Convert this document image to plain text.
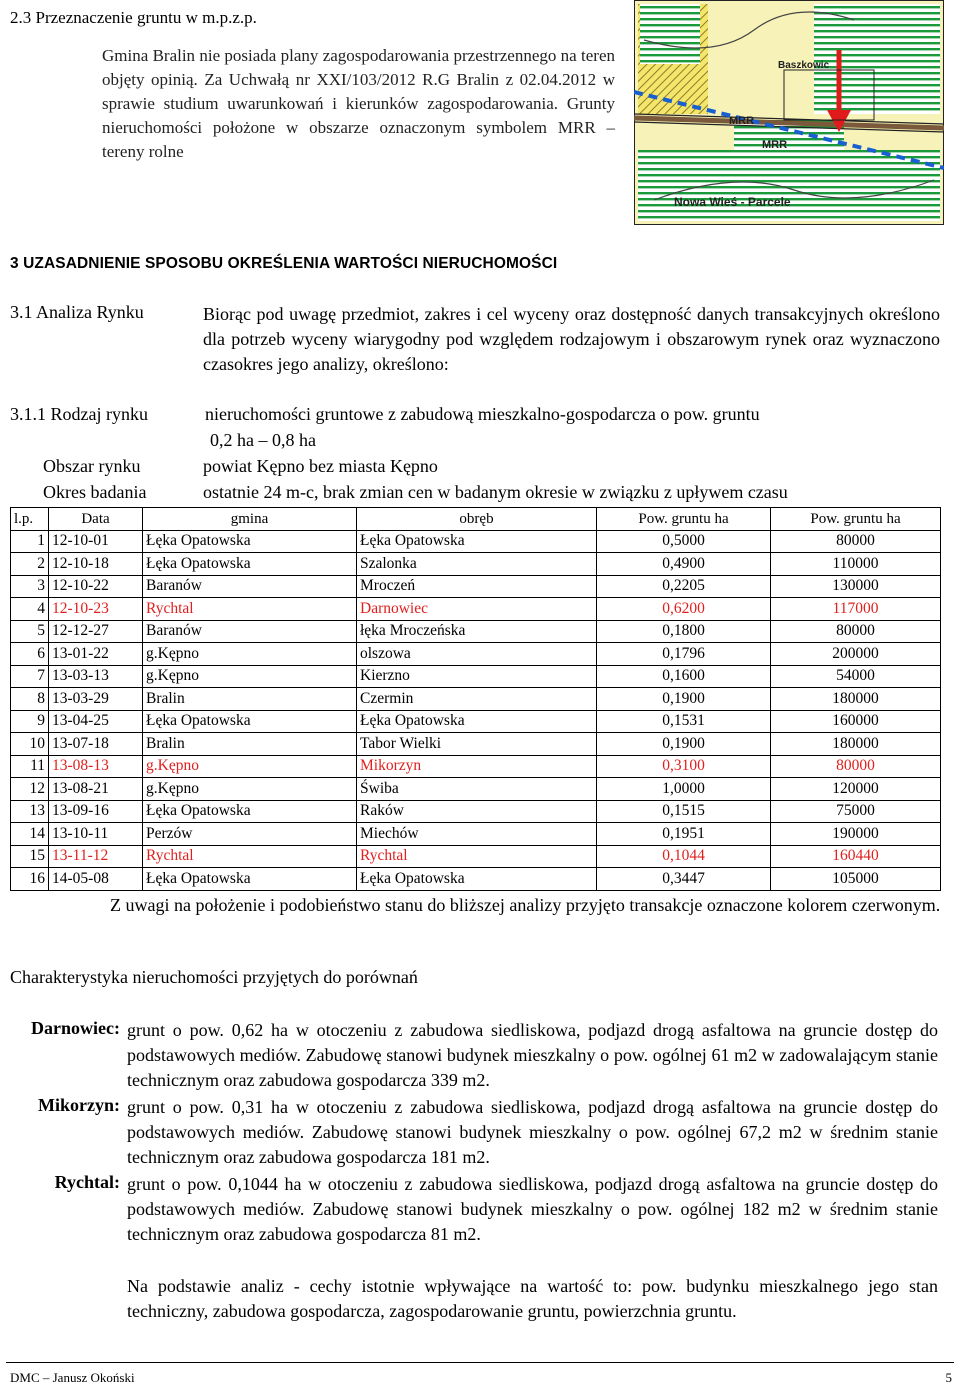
2.3 Przeznaczenie gruntu w m.p.z.p.
Gmina Bralin nie posiada plany zagospodarowania przestrzennego na teren objęty opinią. Za Uchwałą nr XXI/103/2012 R.G Bralin z 02.04.2012 w sprawie studium uwarunkowań i kierunków zagospodarowania. Grunty nieruchomości położone w obszarze oznaczonym symbolem MRR – tereny rolne
Baszkowic
MRR
MRR
Nowa Wieś - Parcele
3 UZASADNIENIE SPOSOBU OKREŚLENIA WARTOŚCI NIERUCHOMOŚCI
3.1 Analiza Rynku	Biorąc pod uwagę przedmiot, zakres i cel wyceny oraz dostępność danych transakcyjnych określono dla potrzeb wyceny wiarygodny pod względem rodzajowym i obszarowym rynek oraz wyznaczono czasokres jego analizy, określono:
3.1.1 Rodzaj rynku	nieruchomości gruntowe z zabudową mieszkalno-gospodarcza o pow. gruntu
0,2 ha – 0,8 ha
Obszar rynku	powiat Kępno bez miasta Kępno
Okres badania	ostatnie 24 m-c, brak zmian cen w badanym okresie w związku z upływem czasu
l.p.	Data	gmina	obręb	Pow. gruntu ha	Pow. gruntu ha
1	12-10-01	Łęka Opatowska	Łęka Opatowska	0,5000	80000
2	12-10-18	Łęka Opatowska	Szalonka	0,4900	110000
3	12-10-22	Baranów	Mroczeń	0,2205	130000
4	12-10-23	Rychtal	Darnowiec	0,6200	117000
5	12-12-27	Baranów	łęka Mroczeńska	0,1800	80000
6	13-01-22	g.Kępno	olszowa	0,1796	200000
7	13-03-13	g.Kępno	Kierzno	0,1600	54000
8	13-03-29	Bralin	Czermin	0,1900	180000
9	13-04-25	Łęka Opatowska	Łęka Opatowska	0,1531	160000
10	13-07-18	Bralin	Tabor Wielki	0,1900	180000
11	13-08-13	g.Kępno	Mikorzyn	0,3100	80000
12	13-08-21	g.Kępno	Świba	1,0000	120000
13	13-09-16	Łęka Opatowska	Raków	0,1515	75000
14	13-10-11	Perzów	Miechów	0,1951	190000
15	13-11-12	Rychtal	Rychtal	0,1044	160440
16	14-05-08	Łęka Opatowska	Łęka Opatowska	0,3447	105000
Z uwagi na położenie i podobieństwo stanu do bliższej analizy przyjęto transakcje oznaczone kolorem czerwonym.
Charakterystyka nieruchomości przyjętych do porównań
Darnowiec: grunt o pow. 0,62 ha w otoczeniu z zabudowa siedliskowa, podjazd drogą asfaltowa na gruncie dostęp do podstawowych mediów. Zabudowę stanowi budynek mieszkalny o pow. ogólnej 61 m2 w zadowalającym stanie technicznym oraz zabudowa gospodarcza 339 m2.
Mikorzyn: grunt o pow. 0,31 ha w otoczeniu z zabudowa siedliskowa, podjazd drogą asfaltowa na gruncie dostęp do podstawowych mediów. Zabudowę stanowi budynek mieszkalny o pow. ogólnej 67,2 m2 w średnim stanie technicznym oraz zabudowa gospodarcza 181 m2.
Rychtal: grunt o pow. 0,1044 ha w otoczeniu z zabudowa siedliskowa, podjazd drogą asfaltowa na gruncie dostęp do podstawowych mediów. Zabudowę stanowi budynek mieszkalny o pow. ogólnej 182 m2 w średnim stanie technicznym oraz zabudowa gospodarcza 81 m2.
Na podstawie analiz - cechy istotnie wpływające na wartość to: pow. budynku mieszkalnego jego stan techniczny, zabudowa gospodarcza, zagospodarowanie gruntu, powierzchnia gruntu.
DMC – Janusz Okoński	5
